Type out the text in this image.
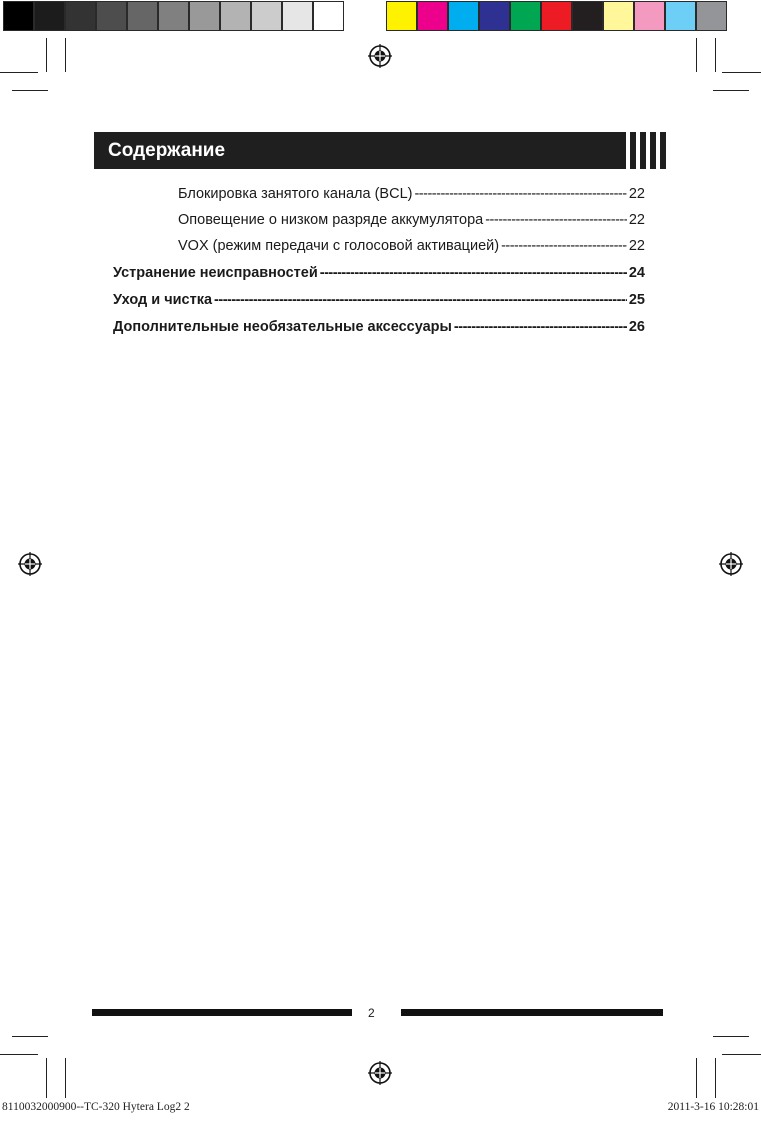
Содержание
Блокировка занятого канала (BCL) -----	22
Оповещение о низком разряде аккумулятора -----	22
VOX (режим передачи с голосовой активацией) -----	22
Устранение неисправностей -----	24
Уход и чистка -----	25
Дополнительные необязательные аксессуары -----	26
2
8110032000900--TC-320 Hytera Log2 2	2011-3-16 10:28:01
